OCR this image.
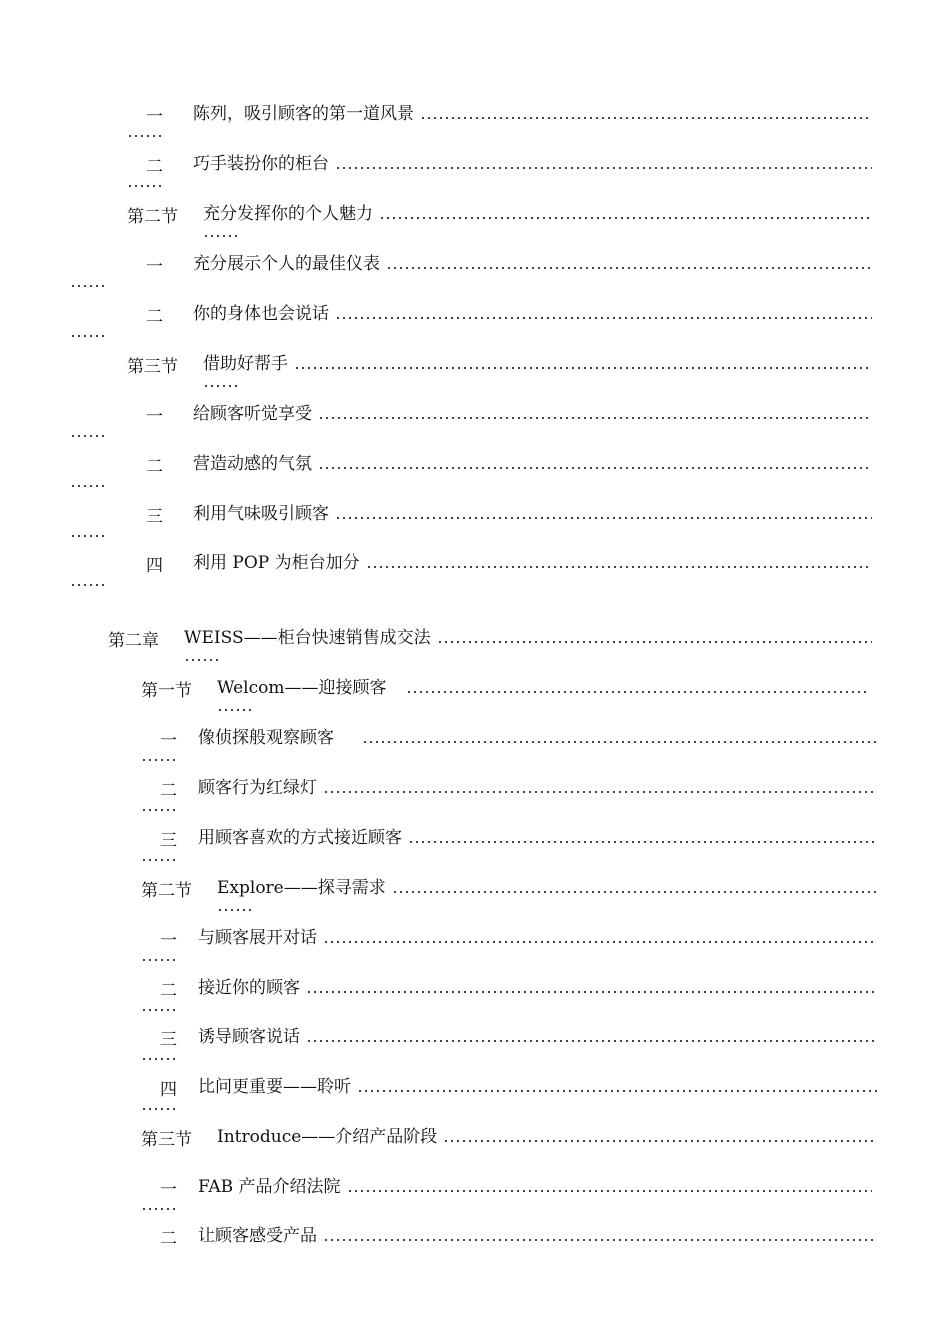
一 陈列，吸引顾客的第一道风景
二 巧手装扮你的柜台
第二节 充分发挥你的个人魅力
一 充分展示个人的最佳仪表
二 你的身体也会说话
第三节 借助好帮手
一 给顾客听觉享受
二 营造动感的气氛
三 利用气味吸引顾客
四 利用 POP 为柜台加分
第二章 WEISS——柜台快速销售成交法
第一节 Welcom——迎接顾客
一 像侦探般观察顾客
二 顾客行为红绿灯
三 用顾客喜欢的方式接近顾客
第二节 Explore——探寻需求
一 与顾客展开对话
二 接近你的顾客
三 诱导顾客说话
四 比问更重要——聆听
第三节 Introduce——介绍产品阶段
一 FAB 产品介绍法院
二 让顾客感受产品
